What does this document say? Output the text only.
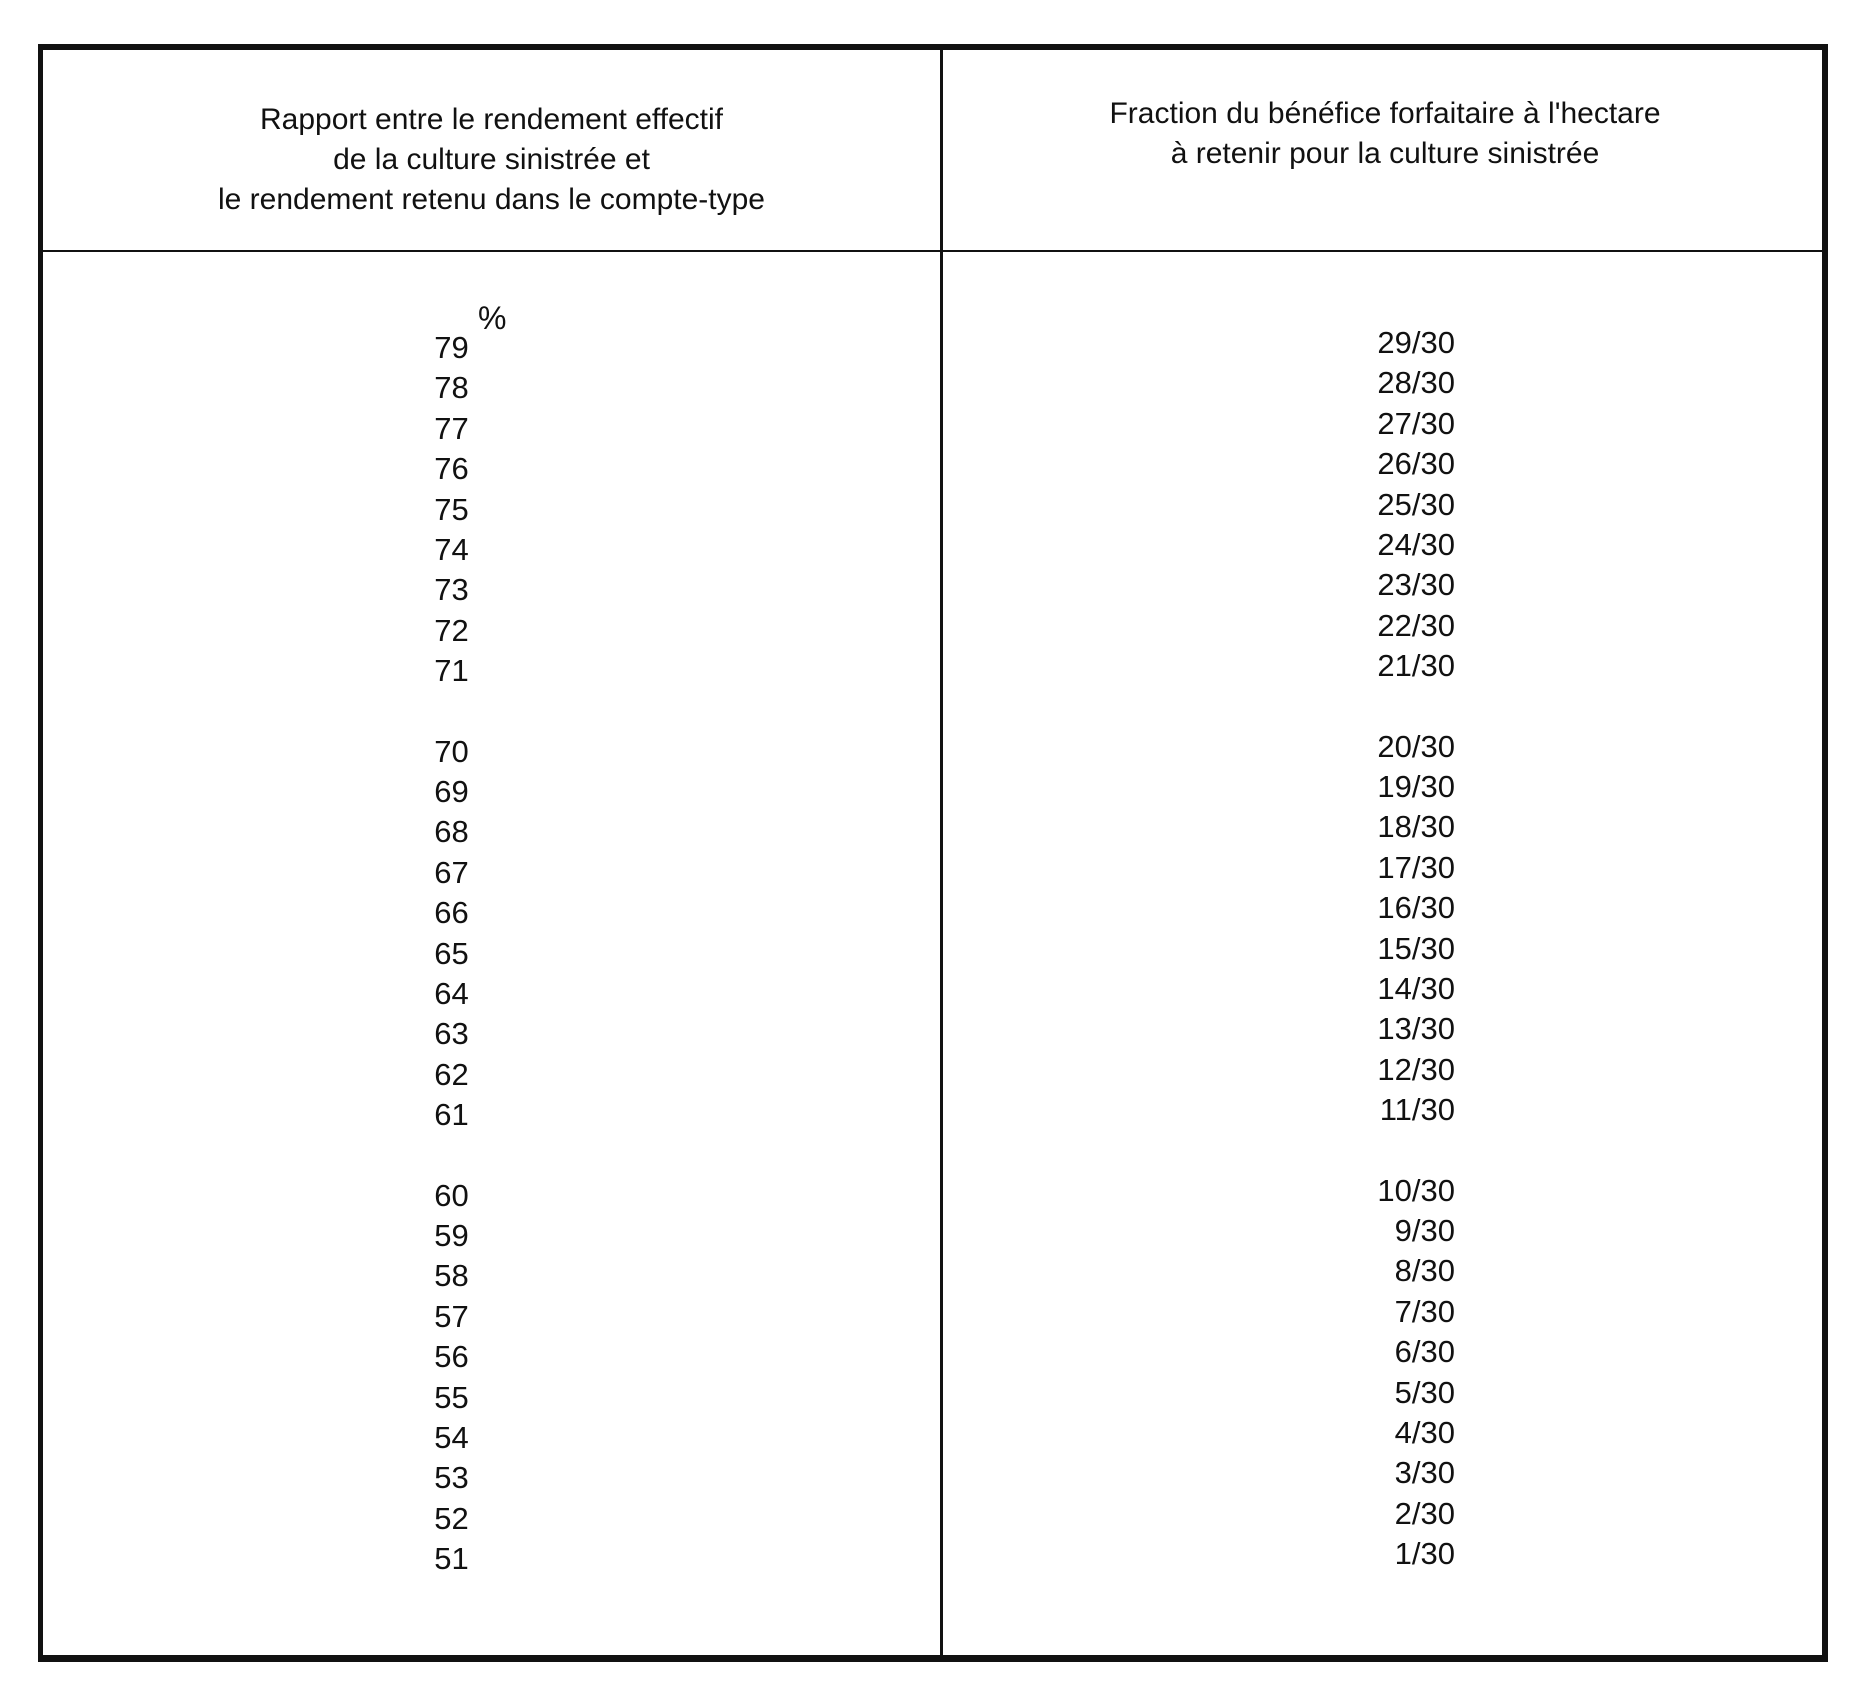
Rapport entre le rendement effectif
de la culture sinistrée et
le rendement retenu dans le compte-type
Fraction du bénéfice forfaitaire à l'hectare
à retenir pour la culture sinistrée
%
79
78
77
76
75
74
73
72
71
70
69
68
67
66
65
64
63
62
61
60
59
58
57
56
55
54
53
52
51
29/30
28/30
27/30
26/30
25/30
24/30
23/30
22/30
21/30
20/30
19/30
18/30
17/30
16/30
15/30
14/30
13/30
12/30
11/30
10/30
9/30
8/30
7/30
6/30
5/30
4/30
3/30
2/30
1/30
